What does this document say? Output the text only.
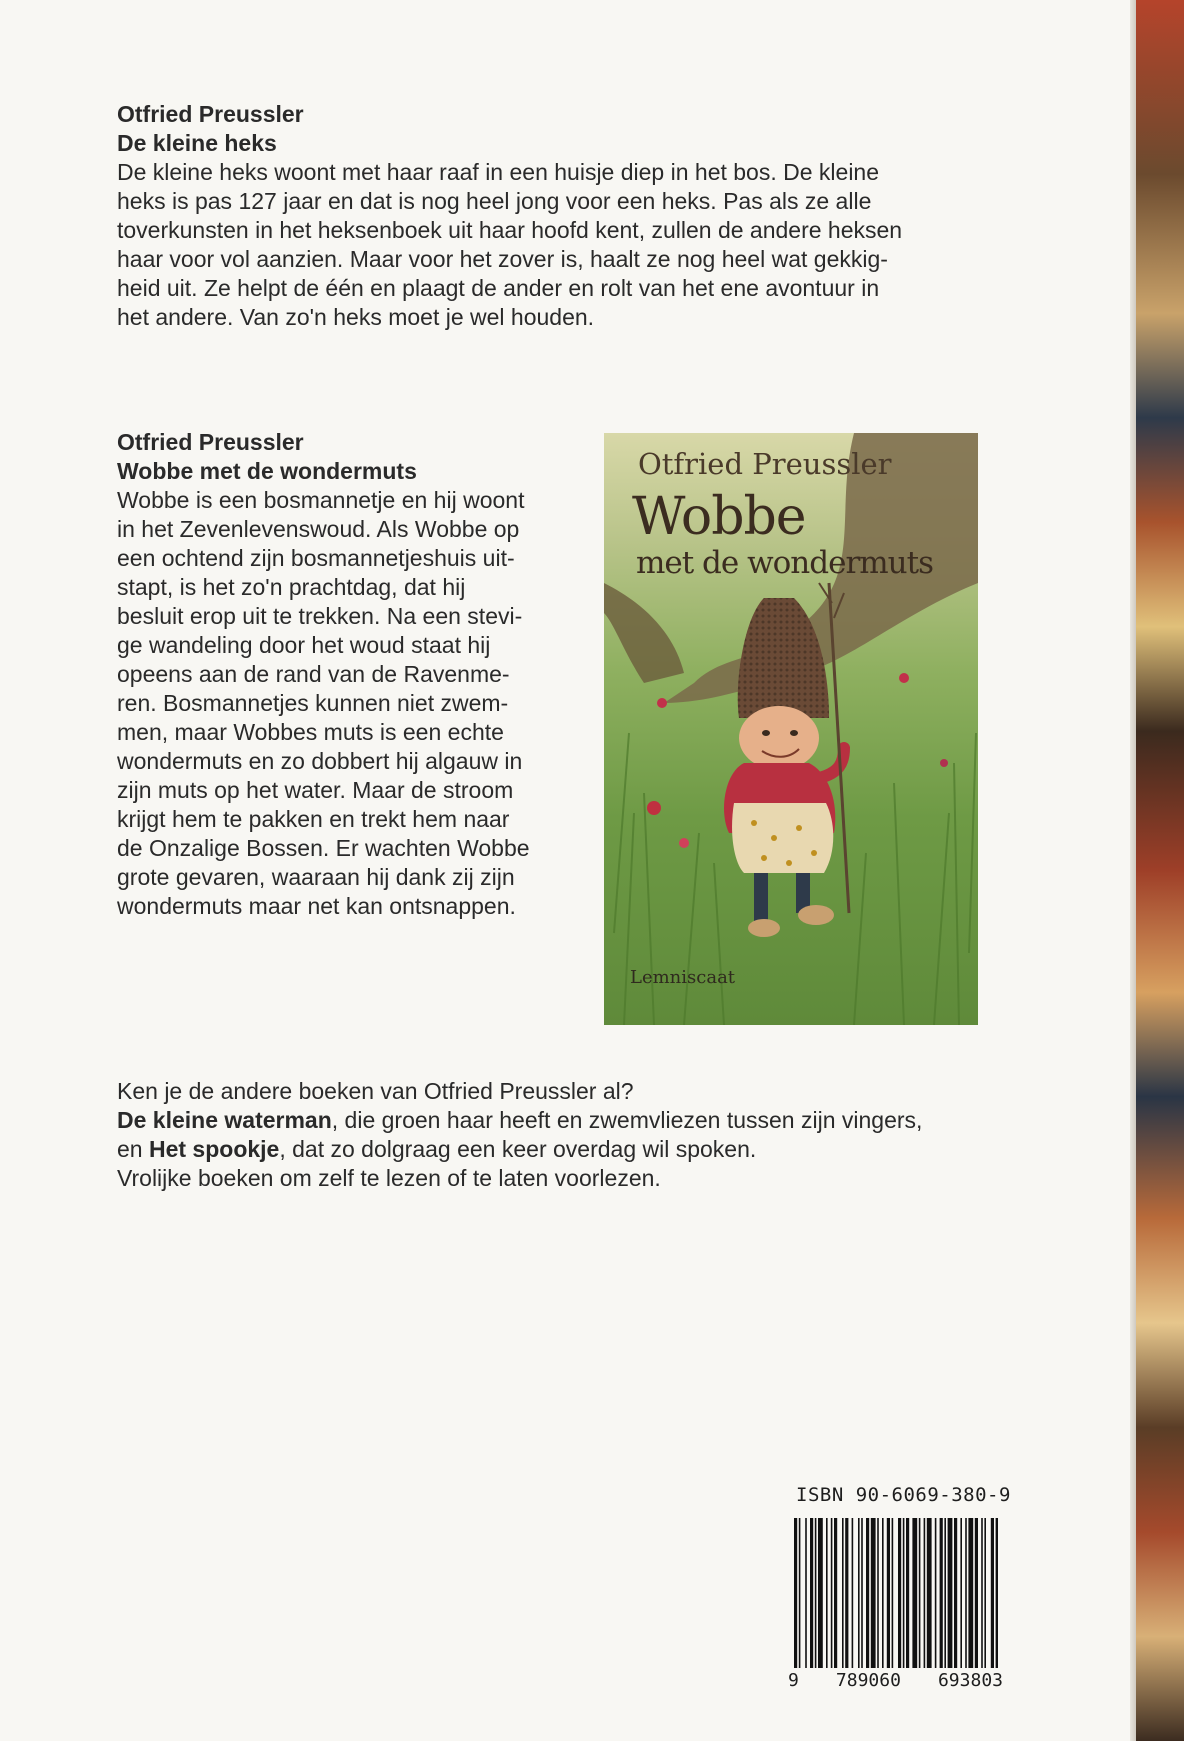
Otfried Preussler

De kleine heks

De kleine heks woont met haar raaf in een huisje diep in het bos. De kleine

heks is pas 127 jaar en dat is nog heel jong voor een heks. Pas als ze alle

toverkunsten in het heksenboek uit haar hoofd kent, zullen de andere heksen

haar voor vol aanzien. Maar voor het zover is, haalt ze nog heel wat gekkig-

heid uit. Ze helpt de één en plaagt de ander en rolt van het ene avontuur in

het andere. Van zo'n heks moet je wel houden.

Otfried Preussler

Wobbe met de wondermuts

Wobbe is een bosmannetje en hij woont

in het Zevenlevenswoud. Als Wobbe op

een ochtend zijn bosmannetjeshuis uit-

stapt, is het zo'n prachtdag, dat hij

besluit erop uit te trekken. Na een stevi-

ge wandeling door het woud staat hij

opeens aan de rand van de Ravenme-

ren. Bosmannetjes kunnen niet zwem-

men, maar Wobbes muts is een echte

wondermuts en zo dobbert hij algauw in

zijn muts op het water. Maar de stroom

krijgt hem te pakken en trekt hem naar

de Onzalige Bossen. Er wachten Wobbe

grote gevaren, waaraan hij dank zij zijn

wondermuts maar net kan ontsnappen.

Otfried Preussler

Wobbe

met de wondermuts

Lemniscaat

Ken je de andere boeken van Otfried Preussler al?

De kleine waterman, die groen haar heeft en zwemvliezen tussen zijn vingers,

en Het spookje, dat zo dolgraag een keer overdag wil spoken.

Vrolijke boeken om zelf te lezen of te laten voorlezen.

ISBN 90-6069-380-9

9 789060 693803
